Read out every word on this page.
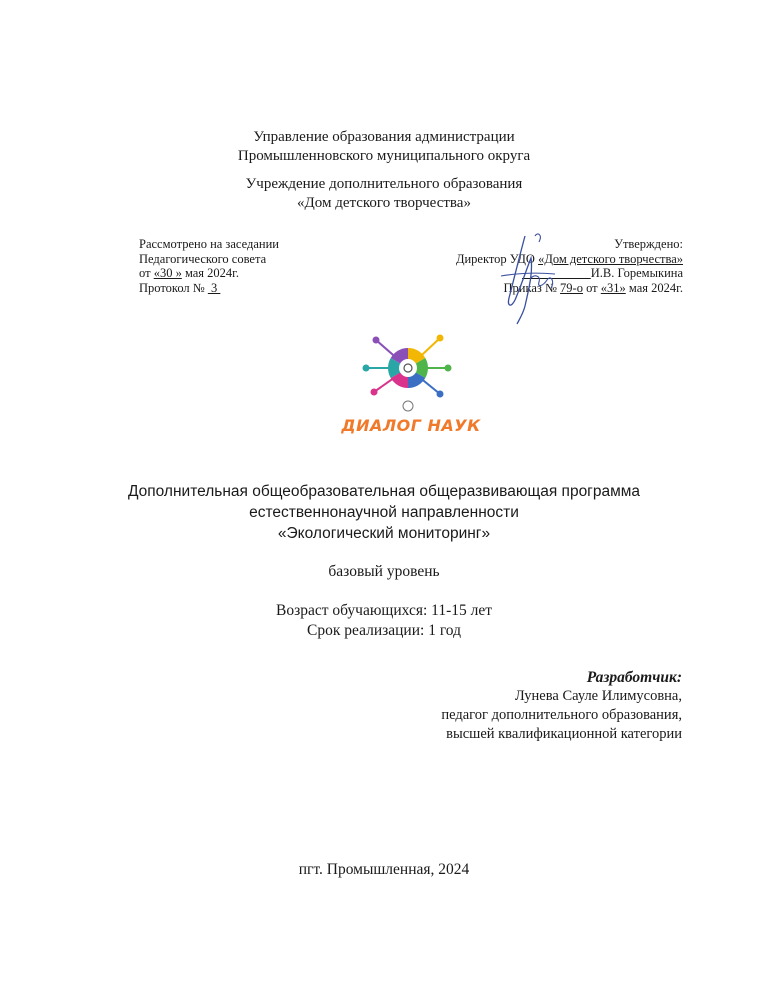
Управление образования администрации
Промышленновского муниципального округа
Учреждение дополнительного образования
«Дом детского творчества»
Рассмотрено на заседании
Педагогического совета
от «30 » мая 2024г.
Протокол №  3
Утверждено:
Директор УДО «Дом детского творчества»
И.В. Горемыкина
Приказ № 79-о от «31» мая 2024г.
ДИАЛОГ НАУК
Дополнительная общеобразовательная общеразвивающая программа
естественнонаучной направленности
«Экологический мониторинг»
базовый уровень
Возраст обучающихся: 11-15 лет
Срок реализации: 1 год
Разработчик:
Лунева Сауле Илимусовна,
педагог дополнительного образования,
высшей квалификационной категории
пгт. Промышленная, 2024
